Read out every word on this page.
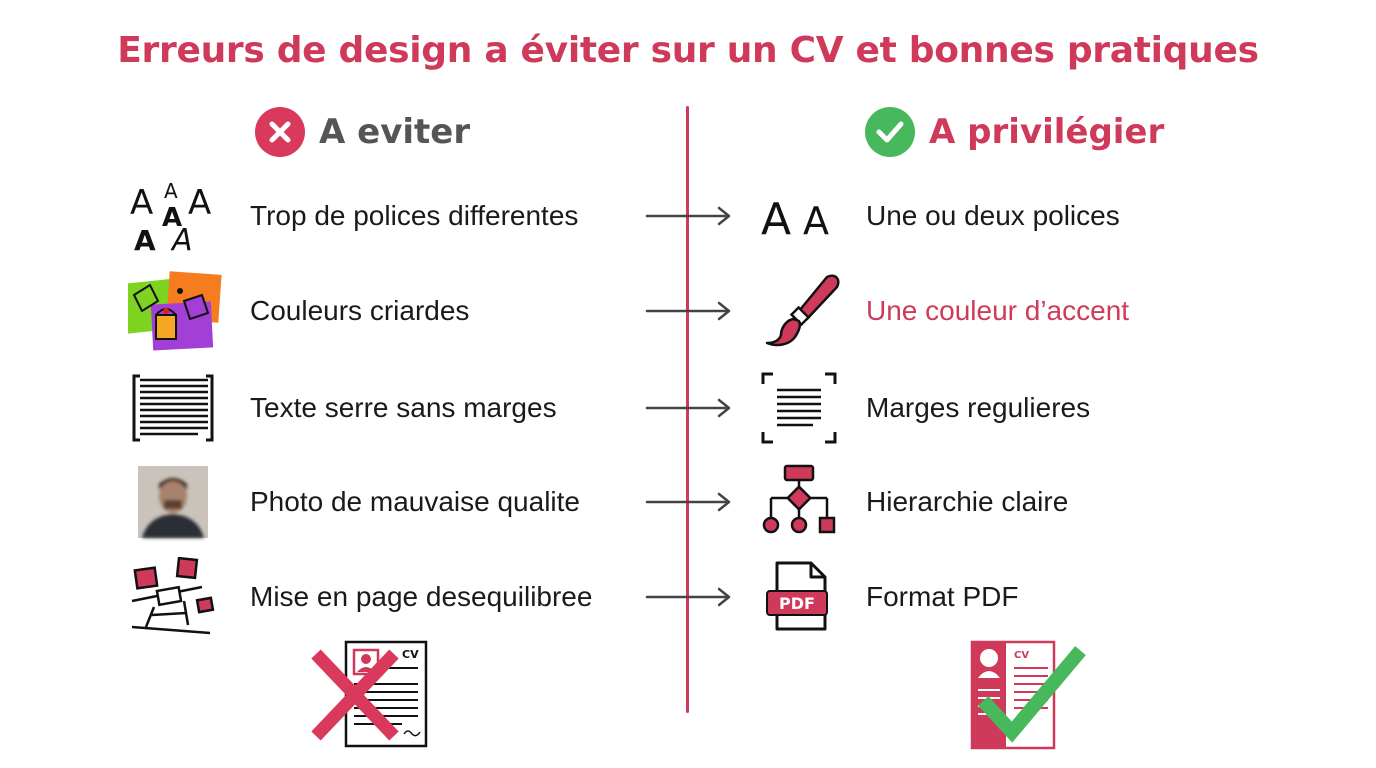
Erreurs de design a éviter sur un CV et bonnes pratiques
A eviter	A privilégier
A A A
A
A A
Trop de polices differentes	A A Une ou deux polices
Couleurs criardes	Une couleur d’accent
Texte serre sans marges	Marges regulieres
Photo de mauvaise qualite	Hierarchie claire
Mise en page desequilibree	PDF Format PDF
CV	CV
